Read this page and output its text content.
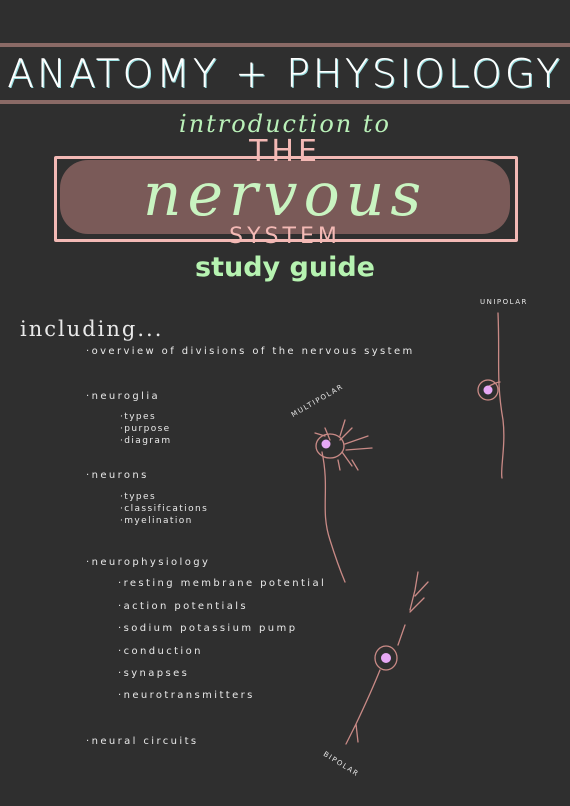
ANATOMY + PHYSIOLOGY
introduction to
THE
nervous
SYSTEM
study guide
including...
·overview of divisions of the nervous system
·neuroglia
·types
·purpose
·diagram
·neurons
·types
·classifications
·myelination
·neurophysiology
·resting membrane potential
·action potentials
·sodium potassium pump
·conduction
·synapses
·neurotransmitters
·neural circuits
UNIPOLAR
MULTIPOLAR
BIPOLAR
